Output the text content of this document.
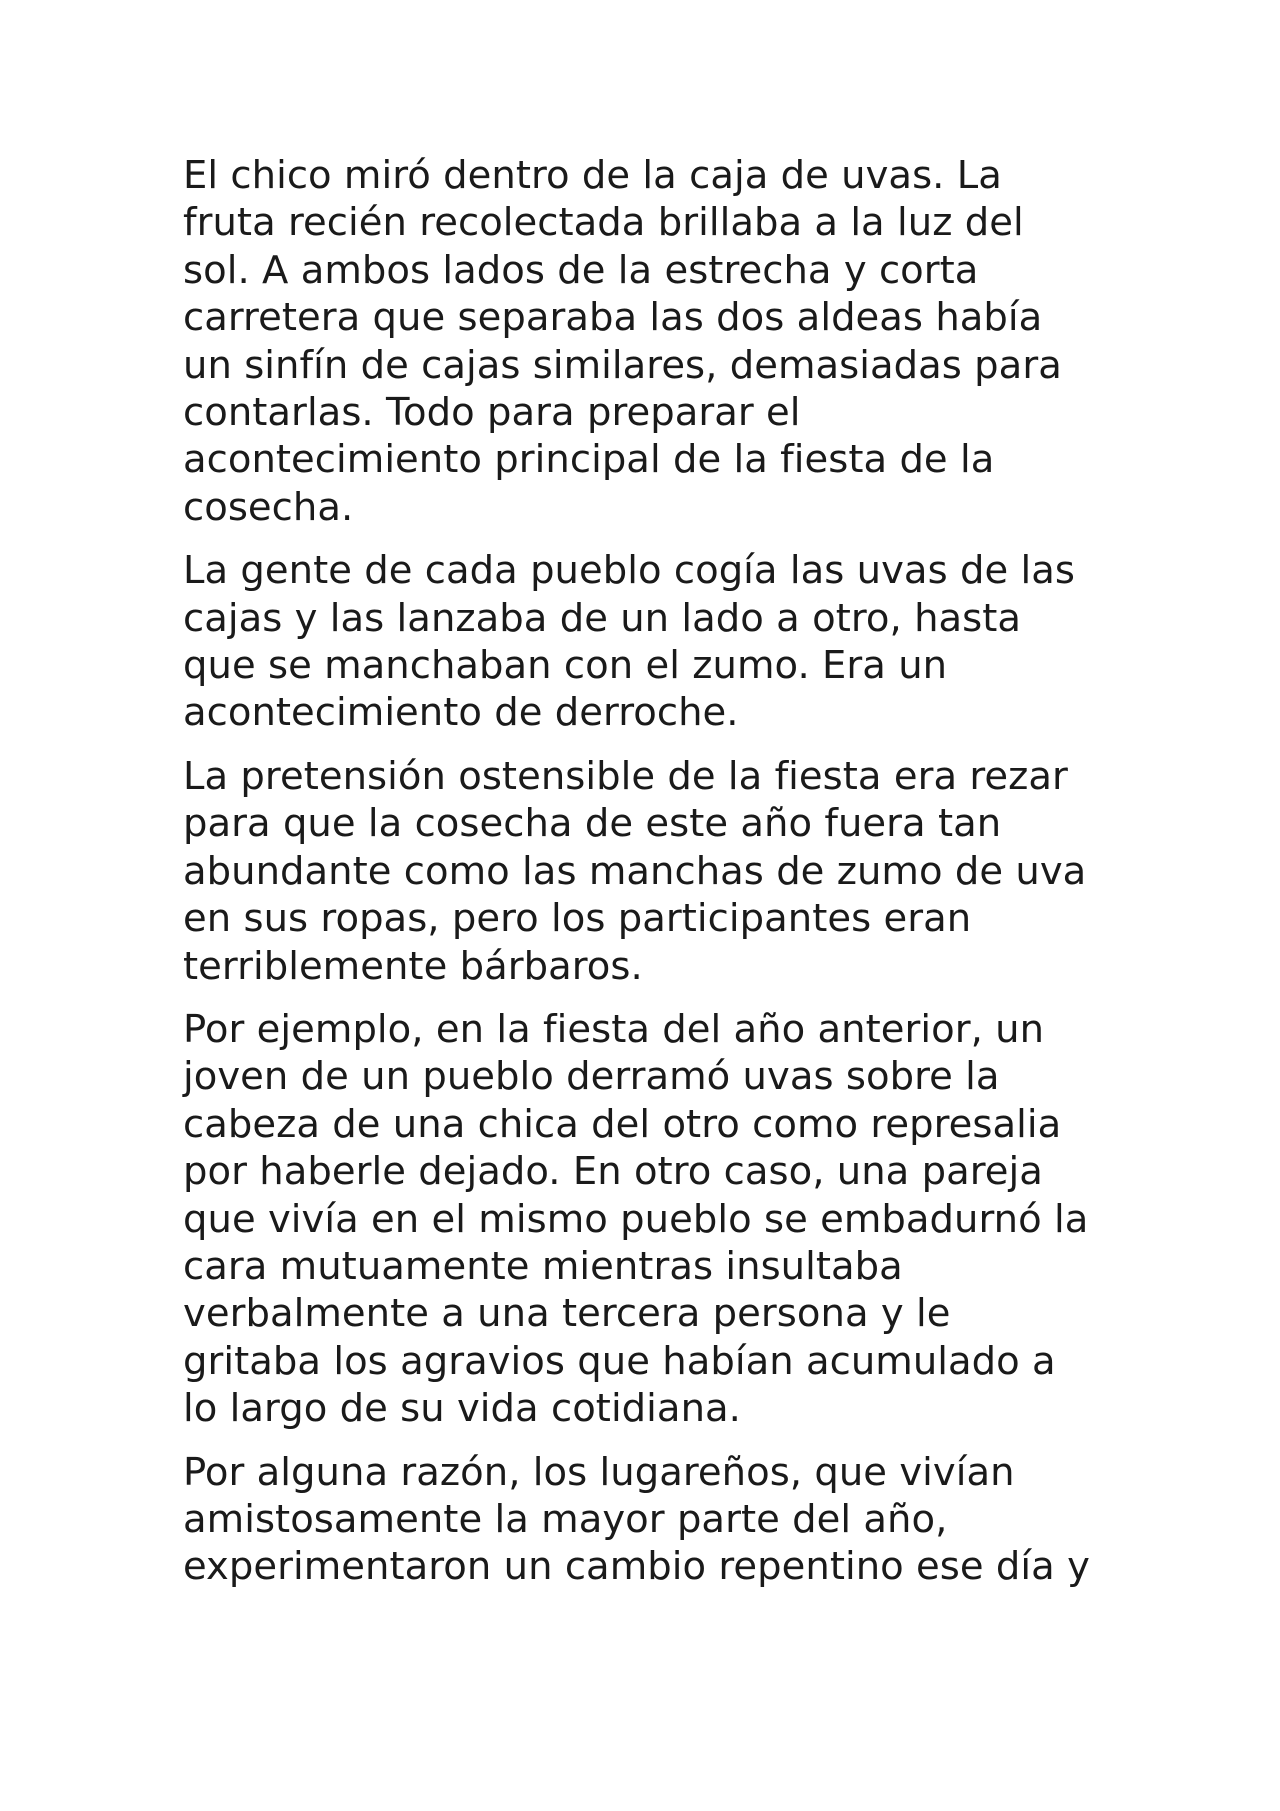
El chico miró dentro de la caja de uvas. La
fruta recién recolectada brillaba a la luz del
sol. A ambos lados de la estrecha y corta
carretera que separaba las dos aldeas había
un sinfín de cajas similares, demasiadas para
contarlas. Todo para preparar el
acontecimiento principal de la fiesta de la
cosecha.

La gente de cada pueblo cogía las uvas de las
cajas y las lanzaba de un lado a otro, hasta
que se manchaban con el zumo. Era un
acontecimiento de derroche.

La pretensión ostensible de la fiesta era rezar
para que la cosecha de este año fuera tan
abundante como las manchas de zumo de uva
en sus ropas, pero los participantes eran
terriblemente bárbaros.

Por ejemplo, en la fiesta del año anterior, un
joven de un pueblo derramó uvas sobre la
cabeza de una chica del otro como represalia
por haberle dejado. En otro caso, una pareja
que vivía en el mismo pueblo se embadurnó la
cara mutuamente mientras insultaba
verbalmente a una tercera persona y le
gritaba los agravios que habían acumulado a
lo largo de su vida cotidiana.

Por alguna razón, los lugareños, que vivían
amistosamente la mayor parte del año,
experimentaron un cambio repentino ese día y
